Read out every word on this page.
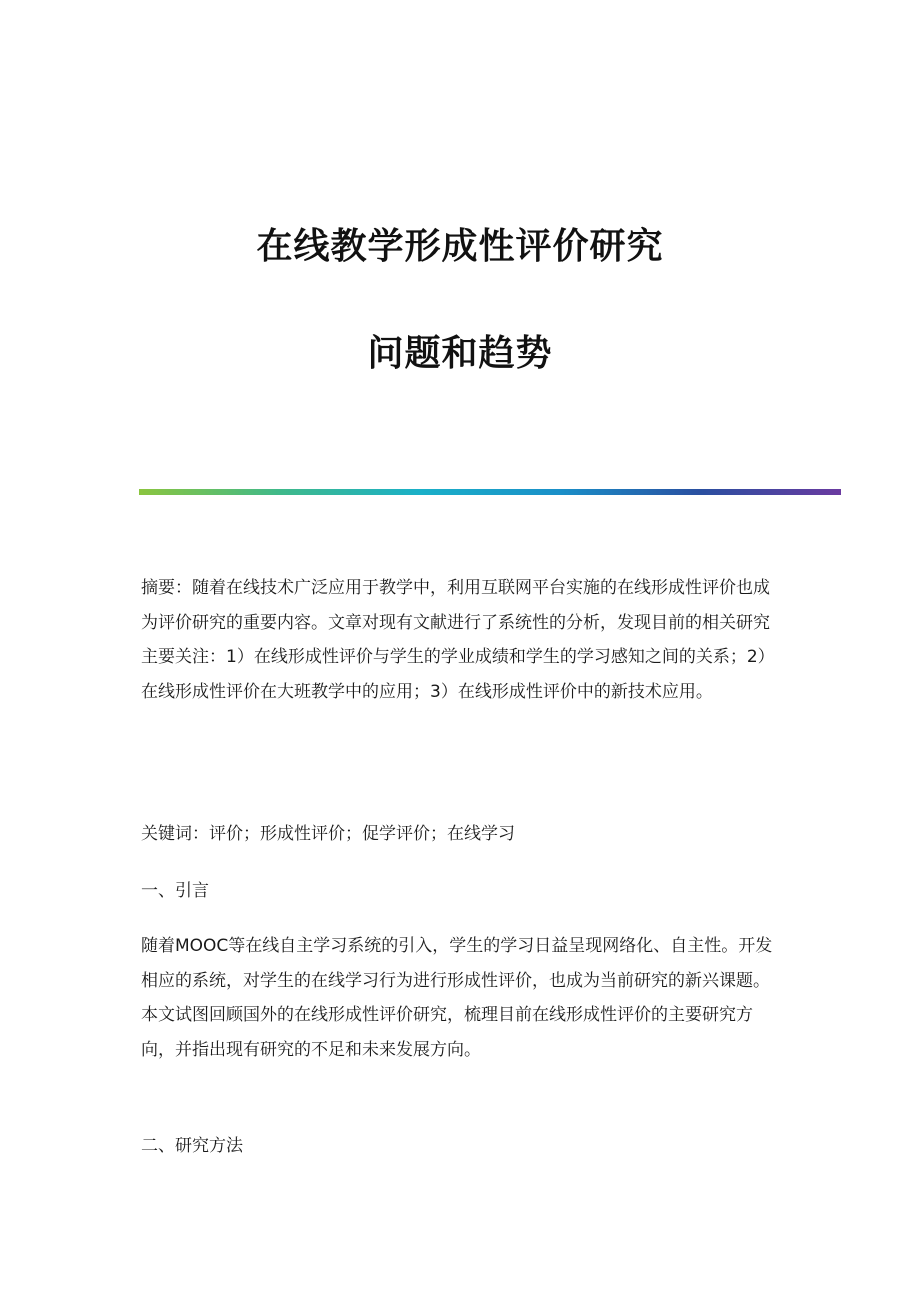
在线教学形成性评价研究
问题和趋势

摘要：随着在线技术广泛应用于教学中，利用互联网平台实施的在线形成性评价也成为评价研究的重要内容。文章对现有文献进行了系统性的分析，发现目前的相关研究主要关注：1）在线形成性评价与学生的学业成绩和学生的学习感知之间的关系；2）在线形成性评价在大班教学中的应用；3）在线形成性评价中的新技术应用。

关键词：评价；形成性评价；促学评价；在线学习

一、引言

随着MOOC等在线自主学习系统的引入，学生的学习日益呈现网络化、自主性。开发相应的系统，对学生的在线学习行为进行形成性评价，也成为当前研究的新兴课题。本文试图回顾国外的在线形成性评价研究，梳理目前在线形成性评价的主要研究方向，并指出现有研究的不足和未来发展方向。

二、研究方法
